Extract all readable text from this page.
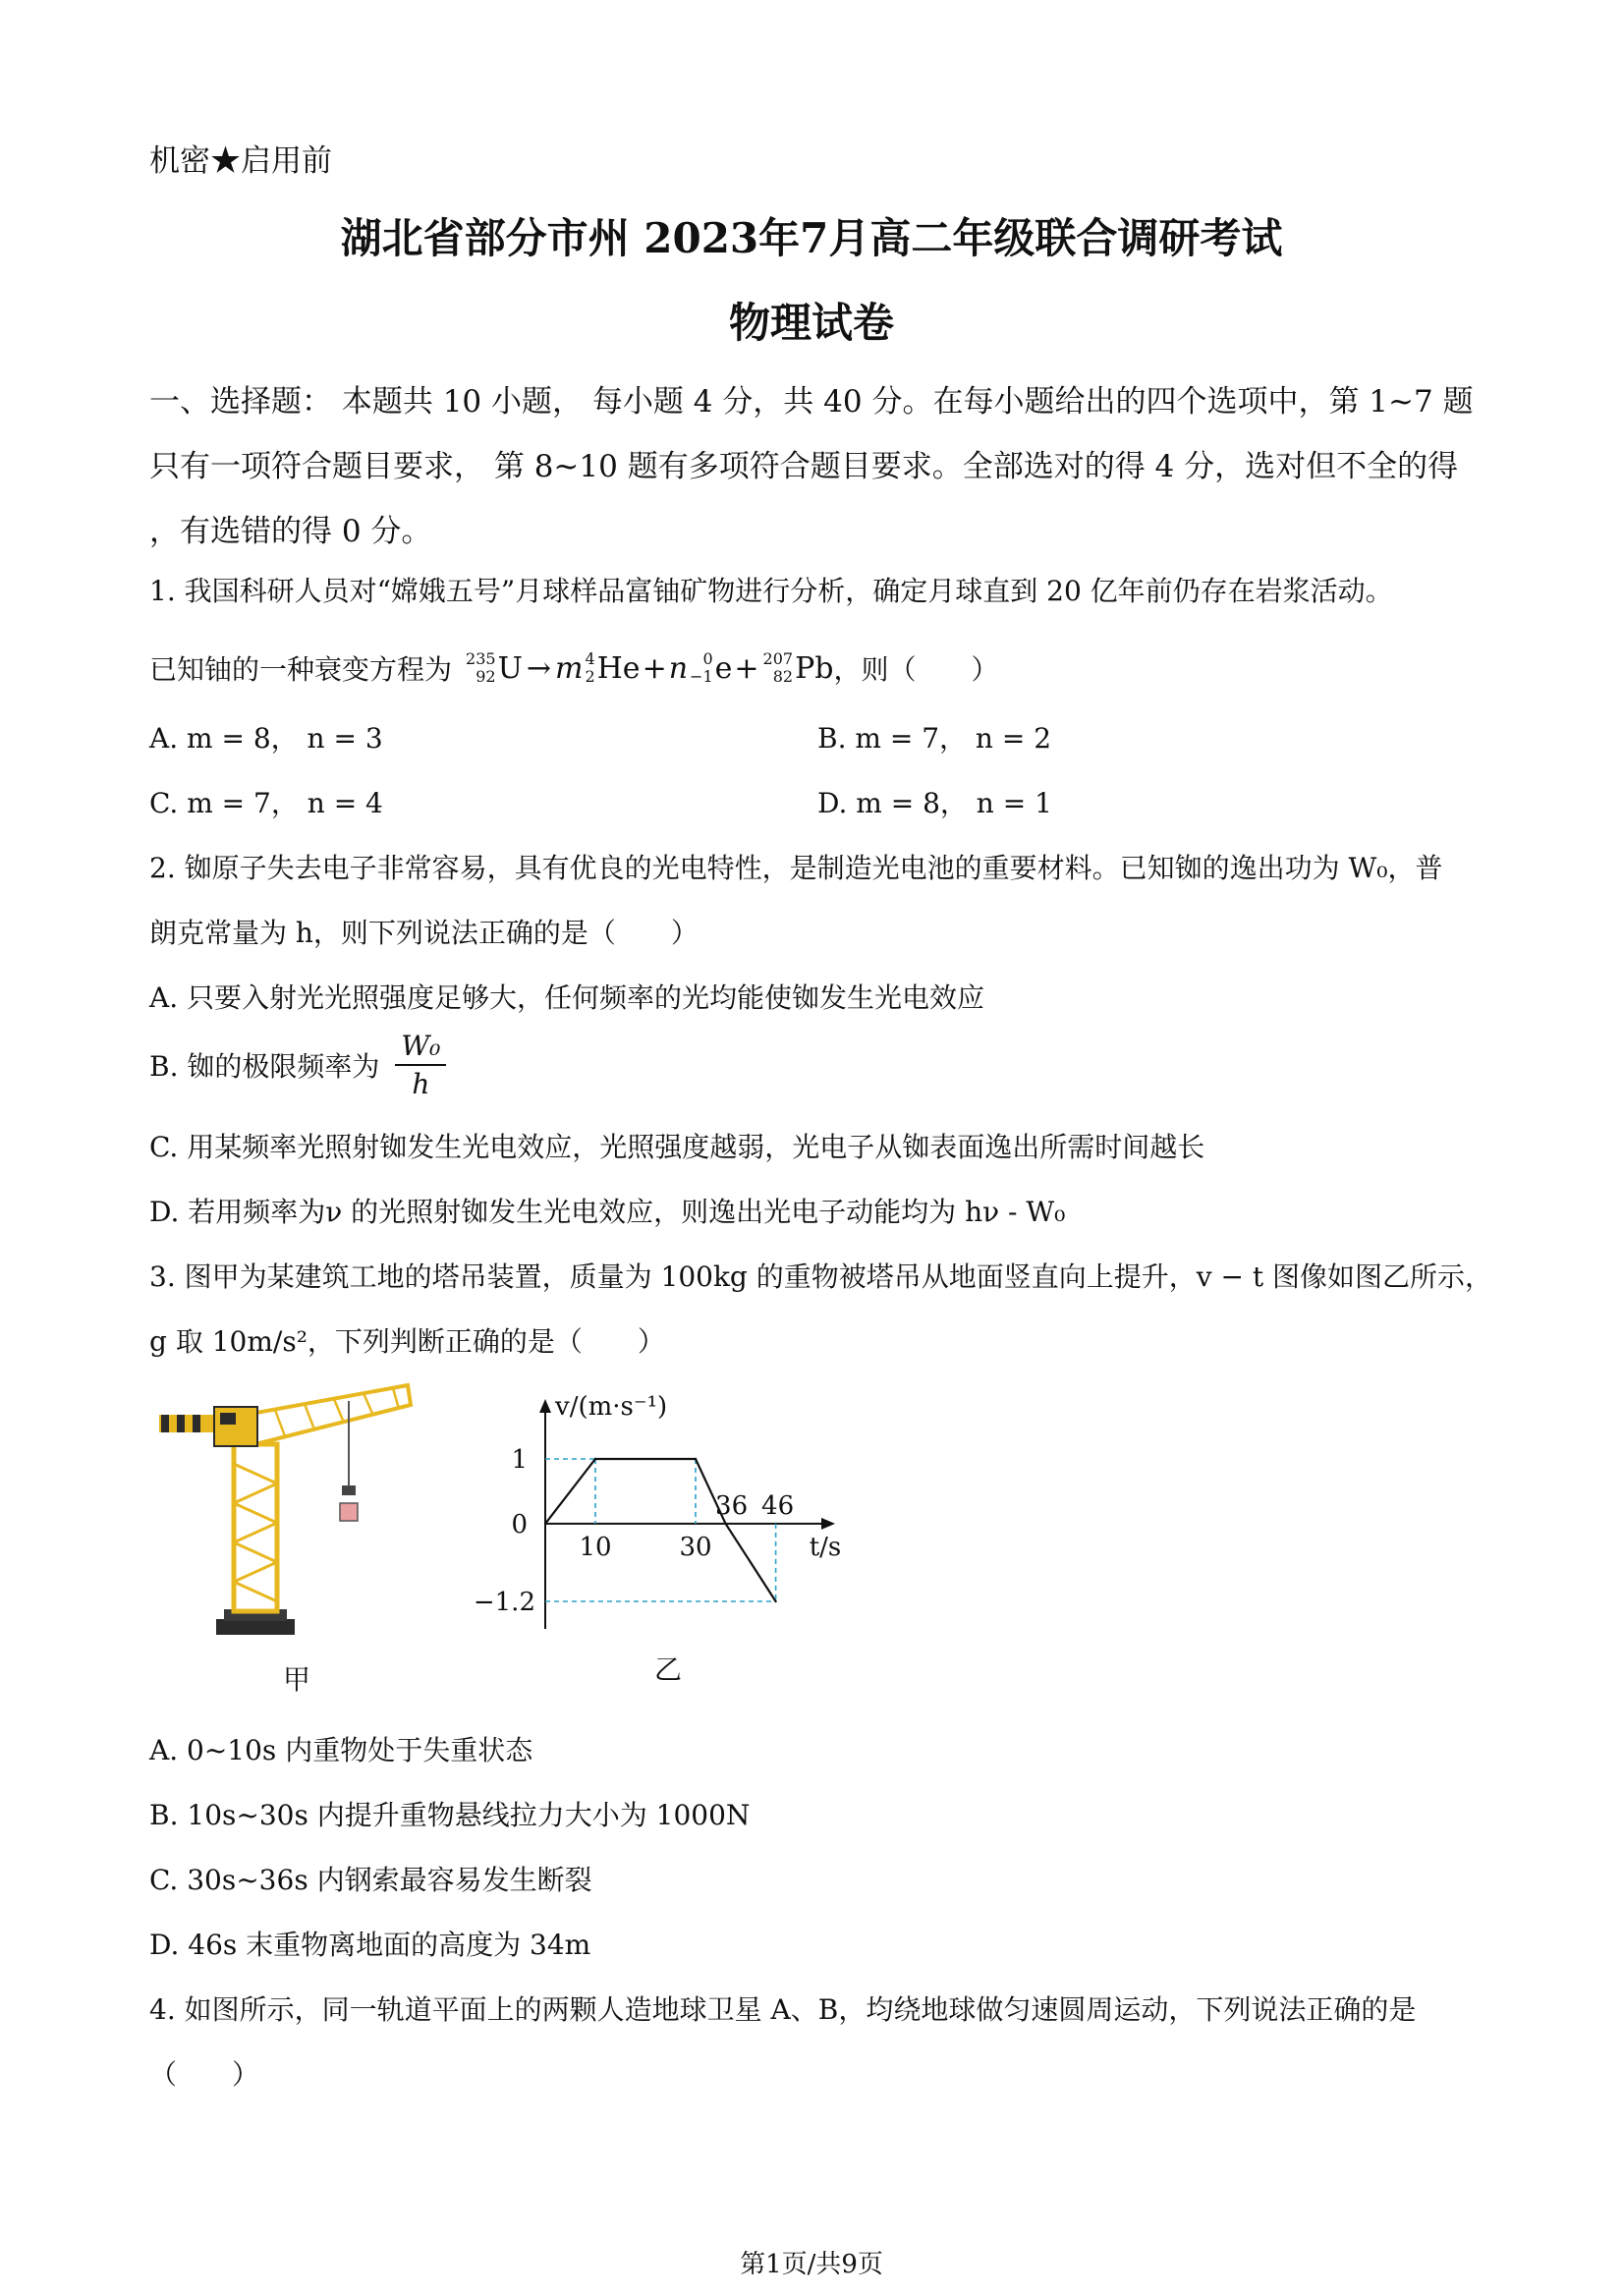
机密★启用前
湖北省部分市州 2023年7月高二年级联合调研考试
物理试卷
一、选择题： 本题共 10 小题， 每小题 4 分，共 40 分。在每小题给出的四个选项中，第 1~7 题只有一项符合题目要求， 第 8~10 题有多项符合题目要求。全部选对的得 4 分，选对但不全的得 ，有选错的得 0 分。
1. 我国科研人员对“嫦娥五号”月球样品富铀矿物进行分析，确定月球直到 20 亿年前仍存在岩浆活动。
已知铀的一种衰变方程为 235
92 U → m 4
2 He + n 0
−1 e + 207
82 Pb ，则（　　）
A. m = 8， n = 3	B. m = 7， n = 2
C. m = 7， n = 4	D. m = 8， n = 1
2. 铷原子失去电子非常容易，具有优良的光电特性，是制造光电池的重要材料。已知铷的逸出功为 W₀，普
朗克常量为 h，则下列说法正确的是（　　）
A. 只要入射光光照强度足够大，任何频率的光均能使铷发生光电效应
B. 铷的极限频率为 $\frac{\text{W₀}}{h}$
C. 用某频率光照射铷发生光电效应，光照强度越弱，光电子从铷表面逸出所需时间越长
D. 若用频率为ν 的光照射铷发生光电效应，则逸出光电子动能均为 hν - W₀
3. 图甲为某建筑工地的塔吊装置，质量为 100kg 的重物被塔吊从地面竖直向上提升，v − t 图像如图乙所示，
g 取 10m/s²，下列判断正确的是（　　）
甲
v/(m·s⁻¹)
t/s
1
0
−1.2
10	30
36 46
乙
A. 0~10s 内重物处于失重状态
B. 10s~30s 内提升重物悬线拉力大小为 1000N
C. 30s~36s 内钢索最容易发生断裂
D. 46s 末重物离地面的高度为 34m
4. 如图所示，同一轨道平面上的两颗人造地球卫星 A、B，均绕地球做匀速圆周运动，下列说法正确的是
（　　）
第1页/共9页
